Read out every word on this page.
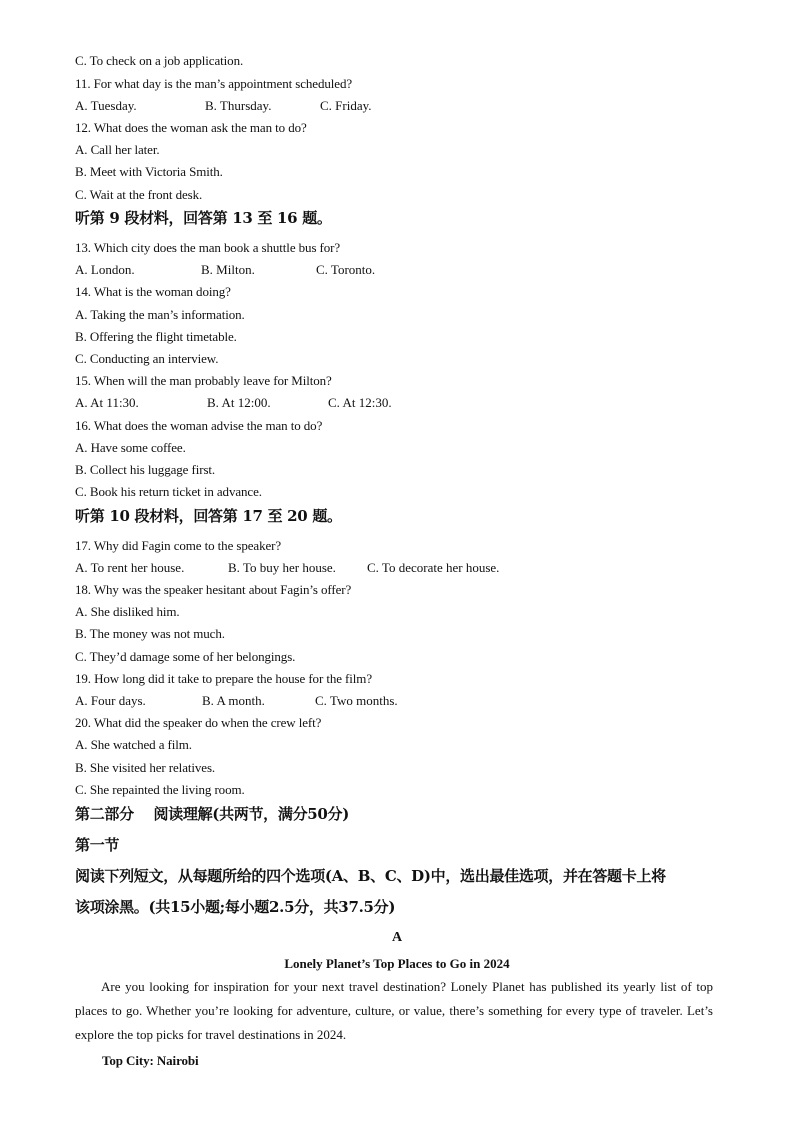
C. To check on a job application.
11. For what day is the man’s appointment scheduled?
A. Tuesday.	B. Thursday.	C. Friday.
12. What does the woman ask the man to do?
A. Call her later.
B. Meet with Victoria Smith.
C. Wait at the front desk.
听第 9 段材料，回答第 13 至 16 题。
13. Which city does the man book a shuttle bus for?
A. London.	B. Milton.	C. Toronto.
14. What is the woman doing?
A. Taking the man’s information.
B. Offering the flight timetable.
C. Conducting an interview.
15. When will the man probably leave for Milton?
A. At 11:30.	B. At 12:00.	C. At 12:30.
16. What does the woman advise the man to do?
A. Have some coffee.
B. Collect his luggage first.
C. Book his return ticket in advance.
听第 10 段材料，回答第 17 至 20 题。
17. Why did Fagin come to the speaker?
A. To rent her house.	B. To buy her house. C. To decorate her house.
18. Why was the speaker hesitant about Fagin’s offer?
A. She disliked him.
B. The money was not much.
C. They’d damage some of her belongings.
19. How long did it take to prepare the house for the film?
A. Four days.	B. A month.	C. Two months.
20. What did the speaker do when the crew left?
A. She watched a film.
B. She visited her relatives.
C. She repainted the living room.
第二部分    阅读理解(共两节，满分50分)
第一节
阅读下列短文，从每题所给的四个选项(A、B、C、D)中，选出最佳选项，并在答题卡上将
该项涂黑。(共15小题;每小题2.5分，共37.5分)
A
Lonely Planet’s Top Places to Go in 2024
Are you looking for inspiration for your next travel destination? Lonely Planet has published its yearly list of top places to go. Whether you’re looking for adventure, culture, or value, there’s something for every type of traveler. Let’s explore the top picks for travel destinations in 2024.
Top City: Nairobi
